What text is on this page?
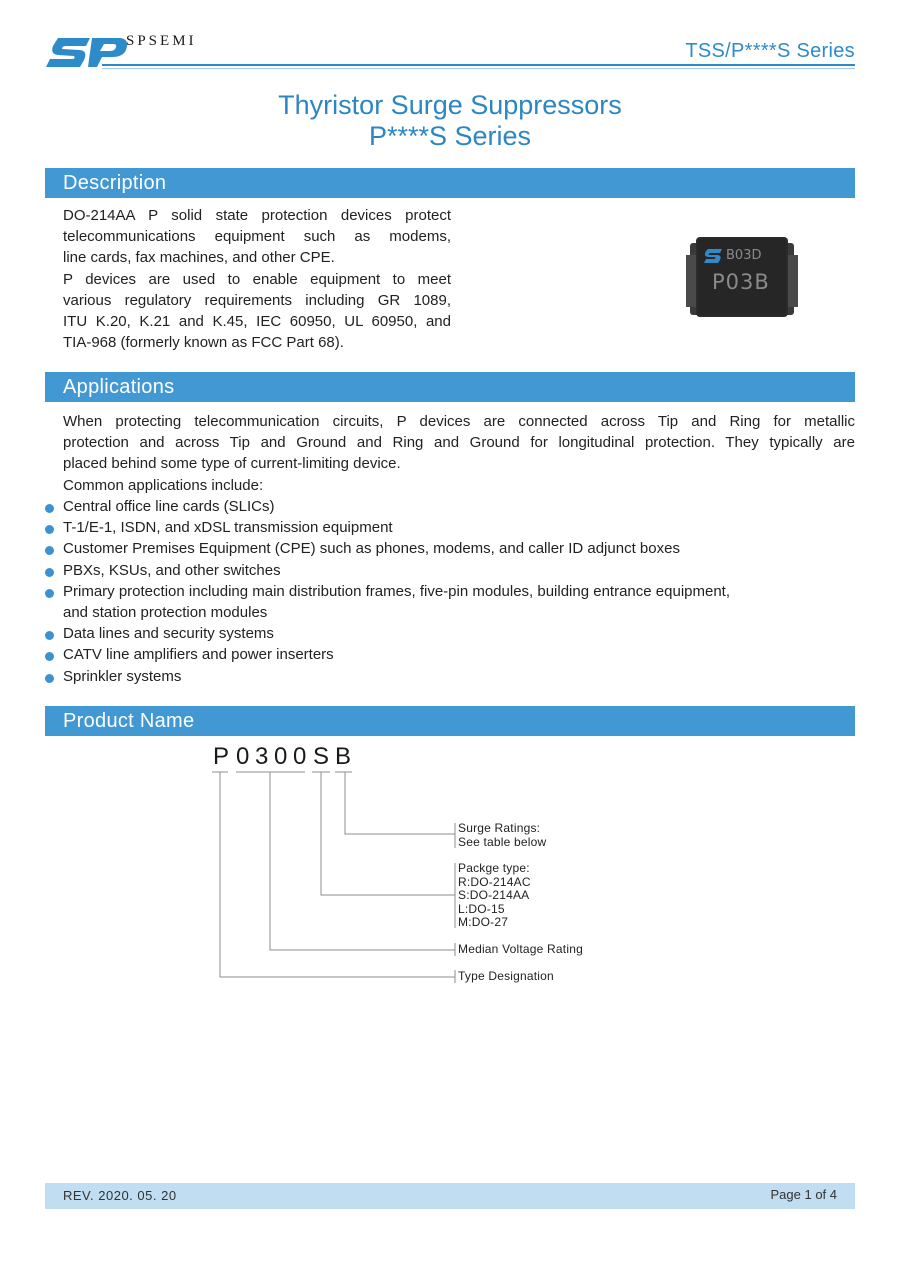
SPSEMI	TSS/P****S Series
Thyristor Surge Suppressors
P****S Series
Description
DO-214AA P solid state protection devices protect
telecommunications equipment such as modems,
line cards, fax machines, and other CPE.
P devices are used to enable equipment to meet
various regulatory requirements including GR 1089,
ITU K.20, K.21 and K.45, IEC 60950, UL 60950, and
TIA-968 (formerly known as FCC Part 68).
B03D
P03B
Applications
When protecting telecommunication circuits, P devices are connected across Tip and Ring for metallic
protection and across Tip and Ground and Ring and Ground for longitudinal protection. They typically are
placed behind some type of current-limiting device.
Common applications include:
Central office line cards (SLICs)
T-1/E-1, ISDN, and xDSL transmission equipment
Customer Premises Equipment (CPE) such as phones, modems, and caller ID adjunct boxes
PBXs, KSUs, and other switches
Primary protection including main distribution frames, five-pin modules, building entrance equipment,
and station protection modules
Data lines and security systems
CATV line amplifiers and power inserters
Sprinkler systems
Product Name
P 0 3 0 0 S B
Surge Ratings:
See table below
Packge type:
R:DO-214AC
S:DO-214AA
L:DO-15
M:DO-27
Median Voltage Rating
Type Designation
REV. 2020. 05. 20	Page 1 of 4
